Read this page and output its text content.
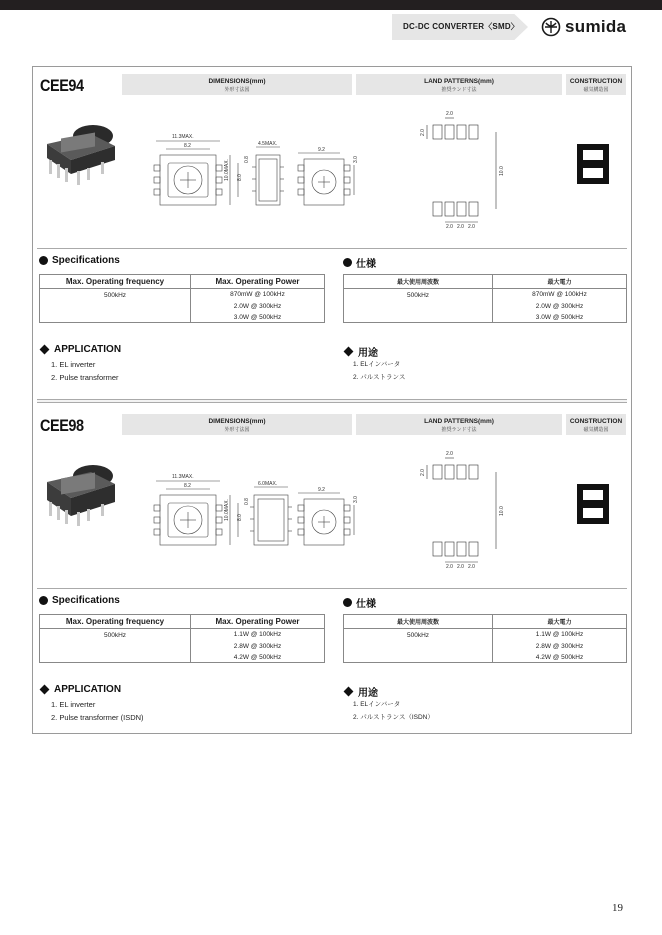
DC-DC CONVERTER〈SMD〉	sumida
CEE94	DIMENSIONS(mm)
外形寸法図
LAND PATTERNS(mm)
推奨ランド寸法
CONSTRUCTION
磁気構造図
11.3MAX.
8.2
10.0MAX. 8.0
4.5MAX.
0.8
9.2
3.0
2.0
2.0
10.0
2.0 2.0 2.0
Specifications	仕様
Max. Operating frequency	Max. Operating Power
500kHz	870mW @ 100kHz
2.0W @ 300kHz
3.0W @ 500kHz
最大使用周波数	最大電力
500kHz	870mW @ 100kHz
2.0W @ 300kHz
3.0W @ 500kHz
APPLICATION	用途
1. EL inverter
2. Pulse transformer
1. ELインバータ
2. パルストランス
CEE98	DIMENSIONS(mm)
外形寸法図
LAND PATTERNS(mm)
推奨ランド寸法
CONSTRUCTION
磁気構造図
11.3MAX.
8.2
10.0MAX. 8.0
6.0MAX.
0.8
9.2
3.0
2.0
2.0
10.0
2.0 2.0 2.0
Specifications	仕様
Max. Operating frequency	Max. Operating Power
500kHz	1.1W @ 100kHz
2.8W @ 300kHz
4.2W @ 500kHz
最大使用周波数	最大電力
500kHz	1.1W @ 100kHz
2.8W @ 300kHz
4.2W @ 500kHz
APPLICATION	用途
1. EL inverter
2. Pulse transformer (ISDN)
1. ELインバータ
2. パルストランス（ISDN）
19
